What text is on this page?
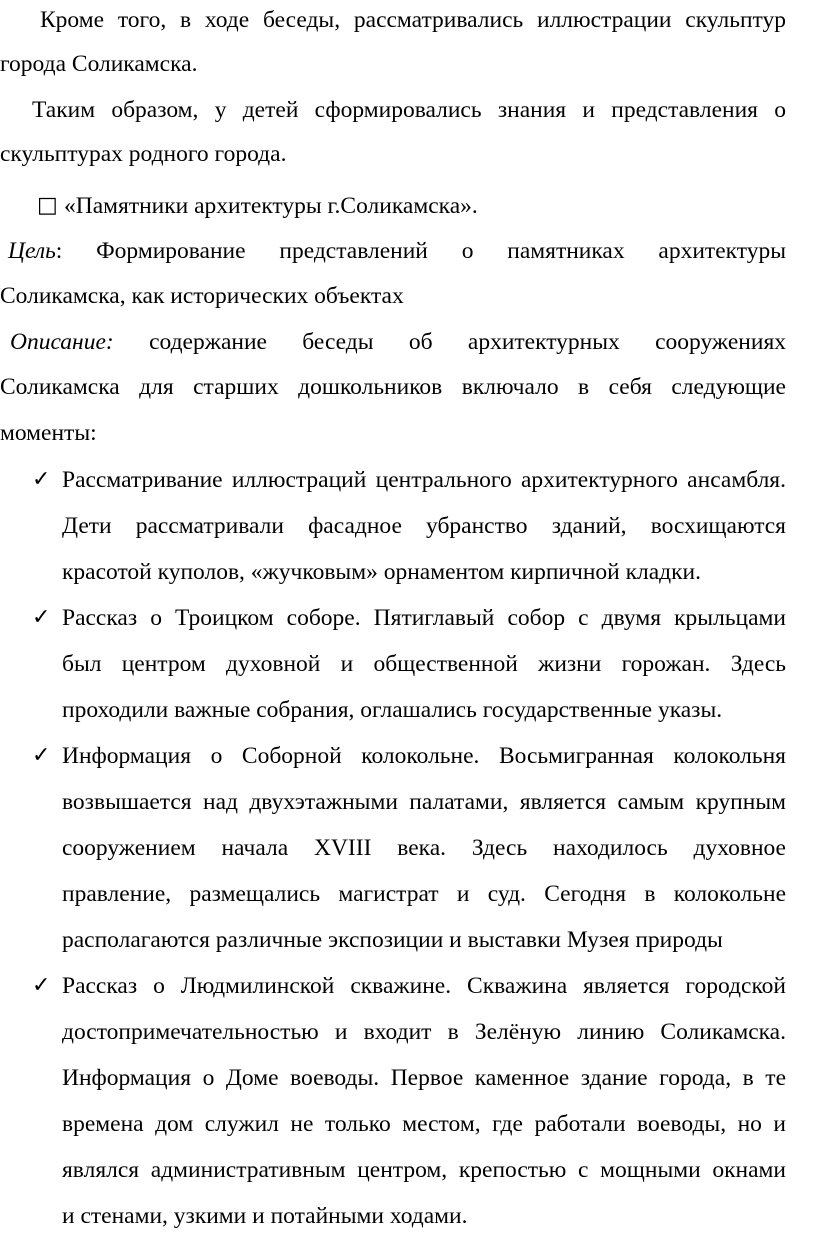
Кроме того, в ходе беседы, рассматривались иллюстрации скульптур
города Соликамска.
Таким образом, у детей сформировались знания и представления о
скульптурах родного города.
□ «Памятники архитектуры г.Соликамска».
Цель: Формирование представлений о памятниках архитектуры
Соликамска, как исторических объектах
Описание: содержание беседы об архитектурных сооружениях
Соликамска для старших дошкольников включало в себя следующие
моменты:
✓ Рассматривание иллюстраций центрального архитектурного ансамбля.
Дети рассматривали фасадное убранство зданий, восхищаются
красотой куполов, «жучковым» орнаментом кирпичной кладки.
✓ Рассказ о Троицком соборе. Пятиглавый собор с двумя крыльцами
был центром духовной и общественной жизни горожан. Здесь
проходили важные собрания, оглашались государственные указы.
✓ Информация о Соборной колокольне. Восьмигранная колокольня
возвышается над двухэтажными палатами, является самым крупным
сооружением начала XVIII века. Здесь находилось духовное
правление, размещались магистрат и суд. Сегодня в колокольне
располагаются различные экспозиции и выставки Музея природы
✓ Рассказ о Людмилинской скважине. Скважина является городской
достопримечательностью и входит в Зелёную линию Соликамска.
Информация о Доме воеводы. Первое каменное здание города, в те
времена дом служил не только местом, где работали воеводы, но и
являлся административным центром, крепостью с мощными окнами
и стенами, узкими и потайными ходами.
